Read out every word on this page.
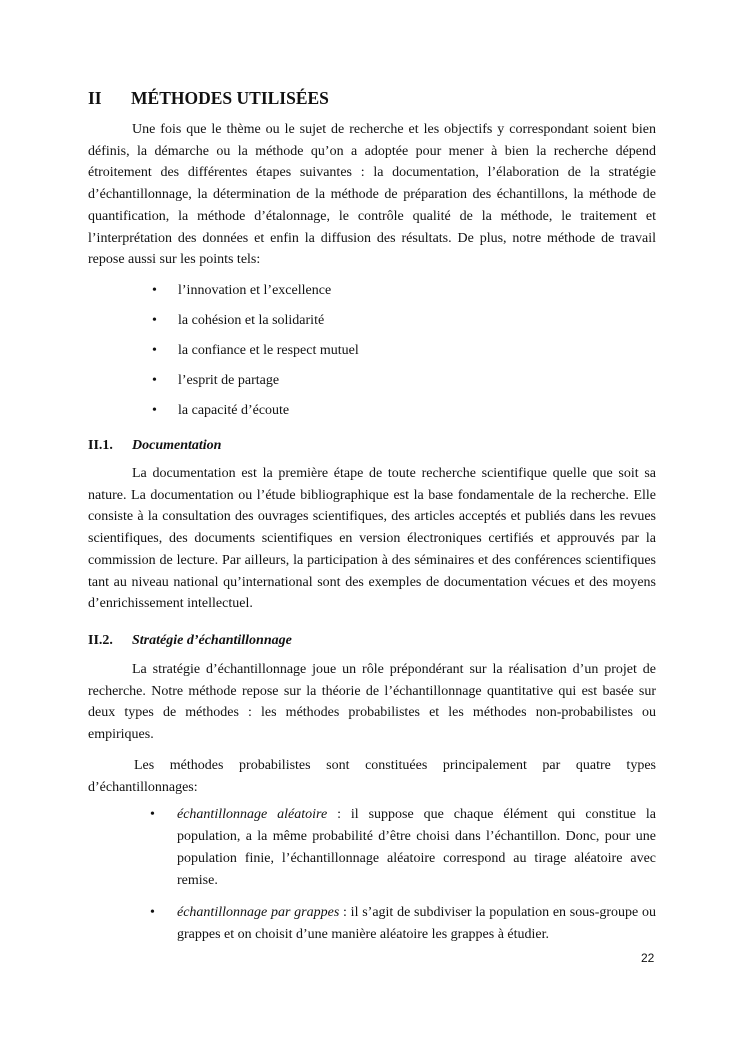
II MÉTHODES UTILISÉES

Une fois que le thème ou le sujet de recherche et les objectifs y correspondant soient bien définis, la démarche ou la méthode qu’on a adoptée pour mener à bien la recherche dépend étroitement des différentes étapes suivantes : la documentation, l’élaboration de la stratégie d’échantillonnage, la détermination de la méthode de préparation des échantillons, la méthode de quantification, la méthode d’étalonnage, le contrôle qualité de la méthode, le traitement et l’interprétation des données et enfin la diffusion des résultats. De plus, notre méthode de travail repose aussi sur les points tels:

• l’innovation et l’excellence
• la cohésion et la solidarité
• la confiance et le respect mutuel
• l’esprit de partage
• la capacité d’écoute
II.1. Documentation

La documentation est la première étape de toute recherche scientifique quelle que soit sa nature. La documentation ou l’étude bibliographique est la base fondamentale de la recherche. Elle consiste à la consultation des ouvrages scientifiques, des articles acceptés et publiés dans les revues scientifiques, des documents scientifiques en version électroniques certifiés et approuvés par la commission de lecture. Par ailleurs, la participation à des séminaires et des conférences scientifiques tant au niveau national qu’international sont des exemples de documentation vécues et des moyens d’enrichissement intellectuel.

II.2. Stratégie d’échantillonnage

La stratégie d’échantillonnage joue un rôle prépondérant sur la réalisation d’un projet de recherche. Notre méthode repose sur la théorie de l’échantillonnage quantitative qui est basée sur deux types de méthodes : les méthodes probabilistes et les méthodes non-probabilistes ou empiriques.

Les méthodes probabilistes sont constituées principalement par quatre types d’échantillonnages:

• échantillonnage aléatoire : il suppose que chaque élément qui constitue la population, a la même probabilité d’être choisi dans l’échantillon. Donc, pour une population finie, l’échantillonnage aléatoire correspond au tirage aléatoire avec remise.
• échantillonnage par grappes : il s’agit de subdiviser la population en sous-groupe ou grappes et on choisit d’une manière aléatoire les grappes à étudier.
22
